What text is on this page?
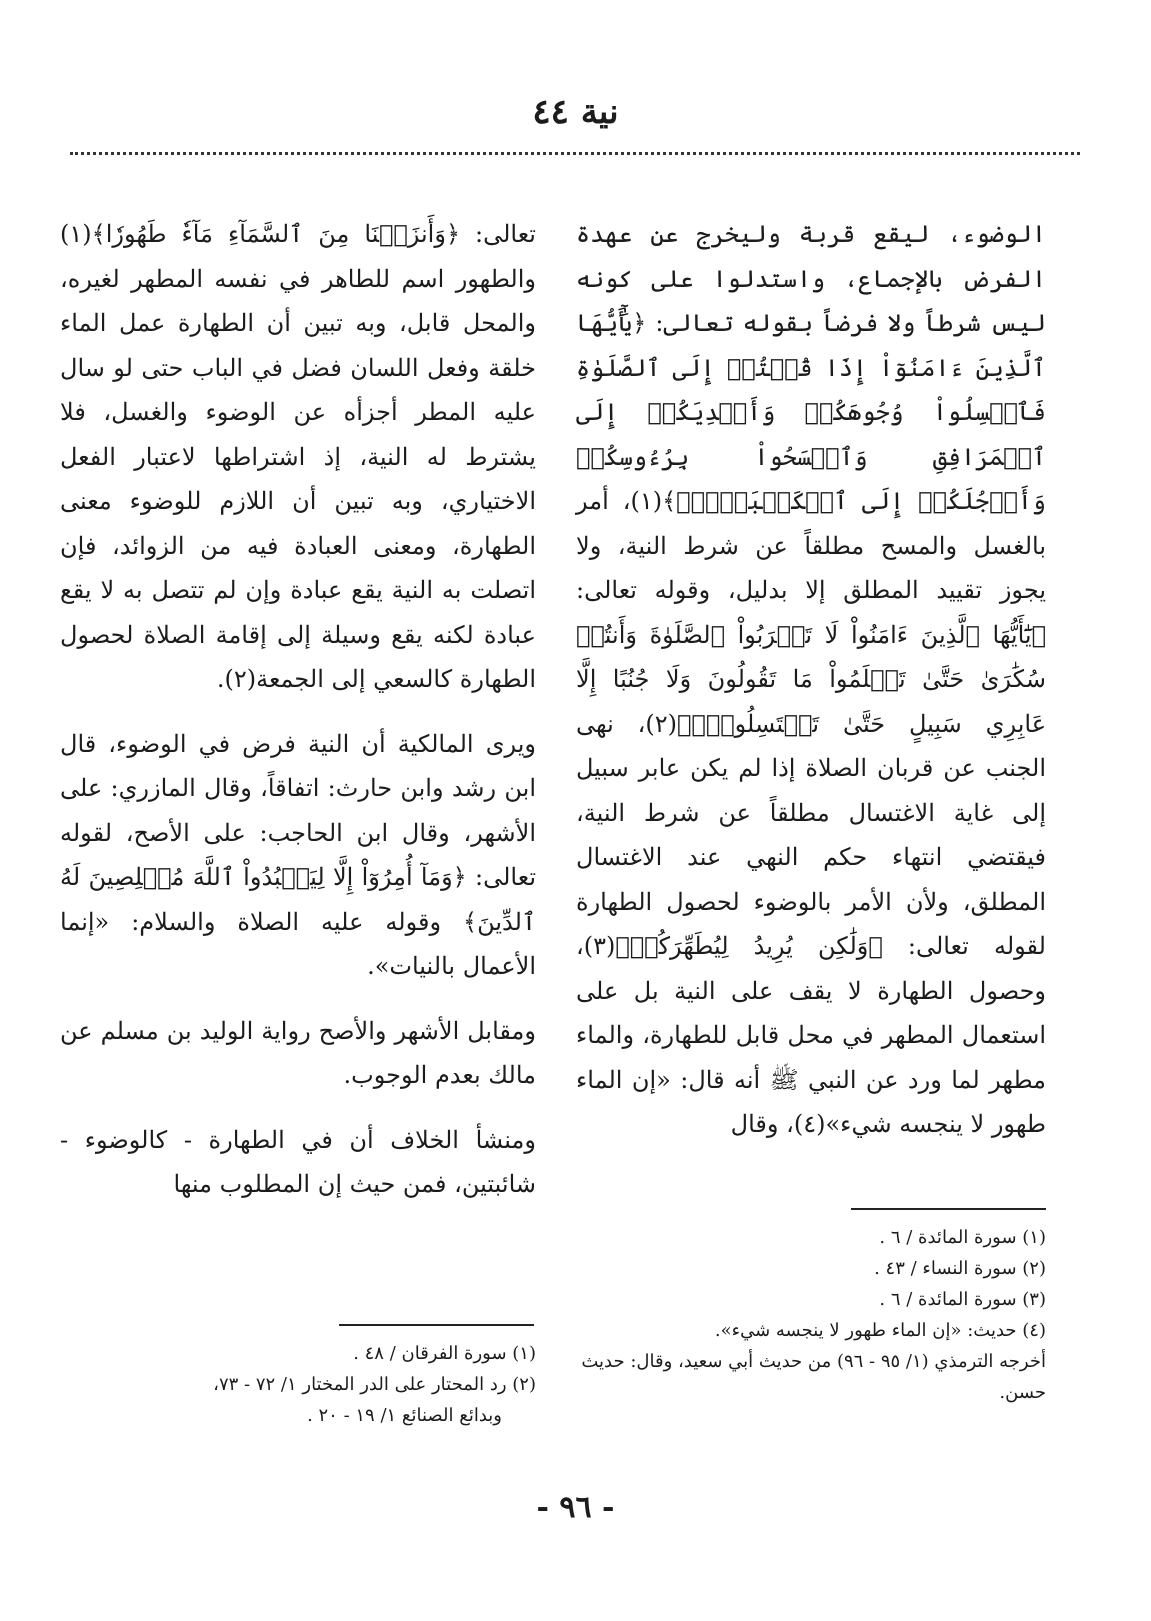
نية ٤٤

الوضوء، ليقع قربة وليخرج عن عهدة الفرض بالإجماع، واستدلوا على كونه ليس شرطاً ولا فرضاً بقوله تعالى: ﴿يَٰٓأَيُّهَا ٱلَّذِينَ ءَامَنُوٓاْ إِذَا قُمۡتُمۡ إِلَى ٱلصَّلَوٰةِ فَٱغۡسِلُواْ وُجُوهَكُمۡ وَأَيۡدِيَكُمۡ إِلَى ٱلۡمَرَافِقِ وَٱمۡسَحُواْ بِرُءُوسِكُمۡ وَأَرۡجُلَكُمۡ إِلَى ٱلۡكَعۡبَيۡنِۚ﴾(١)، أمر بالغسل والمسح مطلقاً عن شرط النية، ولا يجوز تقييد المطلق إلا بدليل، وقوله تعالى: ﴿يَٰٓأَيُّهَا ٱلَّذِينَ ءَامَنُواْ لَا تَقۡرَبُواْ ٱلصَّلَوٰةَ وَأَنتُمۡ سُكَٰرَىٰ حَتَّىٰ تَعۡلَمُواْ مَا تَقُولُونَ وَلَا جُنُبًا إِلَّا عَابِرِي سَبِيلٍ حَتَّىٰ تَغۡتَسِلُواْۚ﴾(٢)، نهى الجنب عن قربان الصلاة إذا لم يكن عابر سبيل إلى غاية الاغتسال مطلقاً عن شرط النية، فيقتضي انتهاء حكم النهي عند الاغتسال المطلق، ولأن الأمر بالوضوء لحصول الطهارة لقوله تعالى: ﴿وَلَٰكِن يُرِيدُ لِيُطَهِّرَكُمۡ﴾(٣)، وحصول الطهارة لا يقف على النية بل على استعمال المطهر في محل قابل للطهارة، والماء مطهر لما ورد عن النبي ﷺ أنه قال: «إن الماء طهور لا ينجسه شيء»(٤)، وقال

تعالى: ﴿وَأَنزَلۡنَا مِنَ ٱلسَّمَآءِ مَآءٗ طَهُورٗا﴾(١) والطهور اسم للطاهر في نفسه المطهر لغيره، والمحل قابل، وبه تبين أن الطهارة عمل الماء خلقة وفعل اللسان فضل في الباب حتى لو سال عليه المطر أجزأه عن الوضوء والغسل، فلا يشترط له النية، إذ اشتراطها لاعتبار الفعل الاختياري، وبه تبين أن اللازم للوضوء معنى الطهارة، ومعنى العبادة فيه من الزوائد، فإن اتصلت به النية يقع عبادة وإن لم تتصل به لا يقع عبادة لكنه يقع وسيلة إلى إقامة الصلاة لحصول الطهارة كالسعي إلى الجمعة(٢).

ويرى المالكية أن النية فرض في الوضوء، قال ابن رشد وابن حارث: اتفاقاً، وقال المازري: على الأشهر، وقال ابن الحاجب: على الأصح، لقوله تعالى: ﴿وَمَآ أُمِرُوٓاْ إِلَّا لِيَعۡبُدُواْ ٱللَّهَ مُخۡلِصِينَ لَهُ ٱلدِّينَ﴾ وقوله عليه الصلاة والسلام: «إنما الأعمال بالنيات».

ومقابل الأشهر والأصح رواية الوليد بن مسلم عن مالك بعدم الوجوب.

ومنشأ الخلاف أن في الطهارة - كالوضوء - شائبتين، فمن حيث إن المطلوب منها

(١) سورة المائدة / ٦ .

(٢) سورة النساء / ٤٣ .

(٣) سورة المائدة / ٦ .

(٤) حديث: «إن الماء طهور لا ينجسه شيء».

أخرجه الترمذي (١/ ٩٥ - ٩٦) من حديث أبي سعيد، وقال: حديث حسن.

(١) سورة الفرقان / ٤٨ .

(٢) رد المحتار على الدر المختار ١/ ٧٢ - ٧٣،

وبدائع الصنائع ١/ ١٩ - ٢٠ .

- ٩٦ -
